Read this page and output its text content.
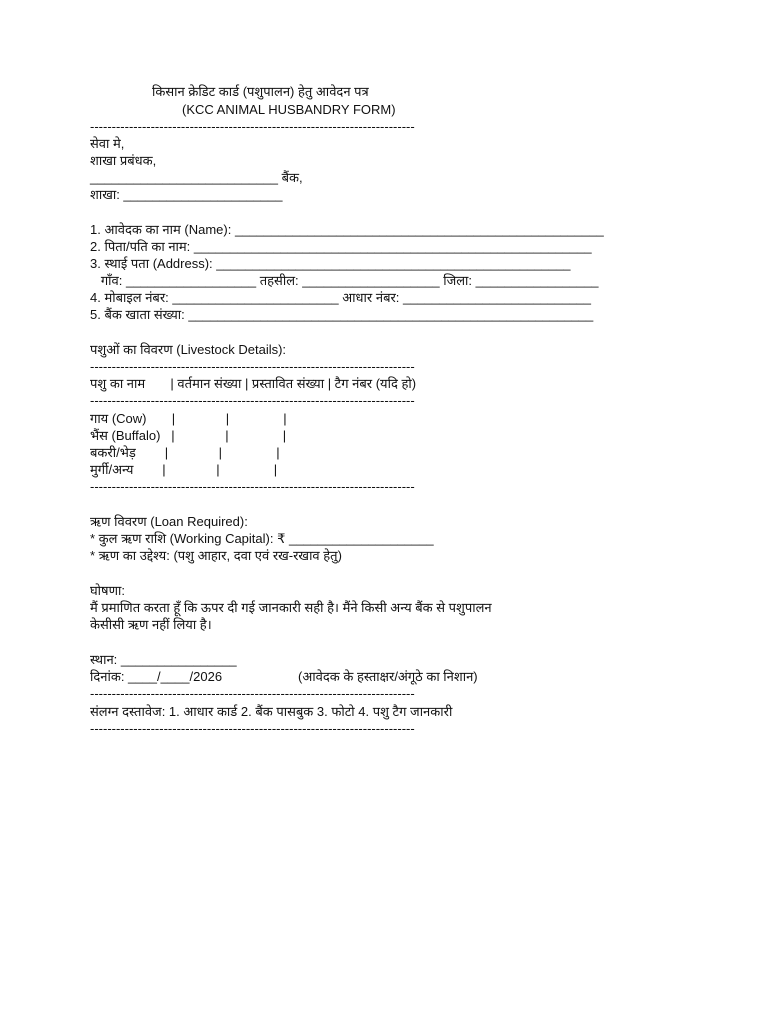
किसान क्रेडिट कार्ड (पशुपालन) हेतु आवेदन पत्र
(KCC ANIMAL HUSBANDRY FORM)
---------------------------------------------------------------------------
सेवा मे,
शाखा प्रबंधक,
__________________________ बैंक,
शाखा: ______________________
1. आवेदक का नाम (Name): ___________________________________________________
2. पिता/पति का नाम: _______________________________________________________
3. स्थाई पता (Address): _________________________________________________
गाँव: __________________ तहसील: ___________________ जिला: _________________
4. मोबाइल नंबर: _______________________ आधार नंबर: __________________________
5. बैंक खाता संख्या: ________________________________________________________
पशुओं का विवरण (Livestock Details):
---------------------------------------------------------------------------
पशु का नाम       | वर्तमान संख्या | प्रस्तावित संख्या | टैग नंबर (यदि हो)
---------------------------------------------------------------------------
गाय (Cow)       |              |               |
भैंस (Buffalo)   |              |               |
बकरी/भेड़        |              |               |
मुर्गी/अन्य        |              |               |
---------------------------------------------------------------------------
ऋण विवरण (Loan Required):
* कुल ऋण राशि (Working Capital): ₹ ____________________
* ऋण का उद्देश्य: (पशु आहार, दवा एवं रख-रखाव हेतु)
घोषणा:
मैं प्रमाणित करता हूँ कि ऊपर दी गई जानकारी सही है। मैंने किसी अन्य बैंक से पशुपालन
केसीसी ऋण नहीं लिया है।
स्थान: ________________
दिनांक: ____/____/2026	(आवेदक के हस्ताक्षर/अंगूठे का निशान)
---------------------------------------------------------------------------
संलग्न दस्तावेज: 1. आधार कार्ड 2. बैंक पासबुक 3. फोटो 4. पशु टैग जानकारी
---------------------------------------------------------------------------
